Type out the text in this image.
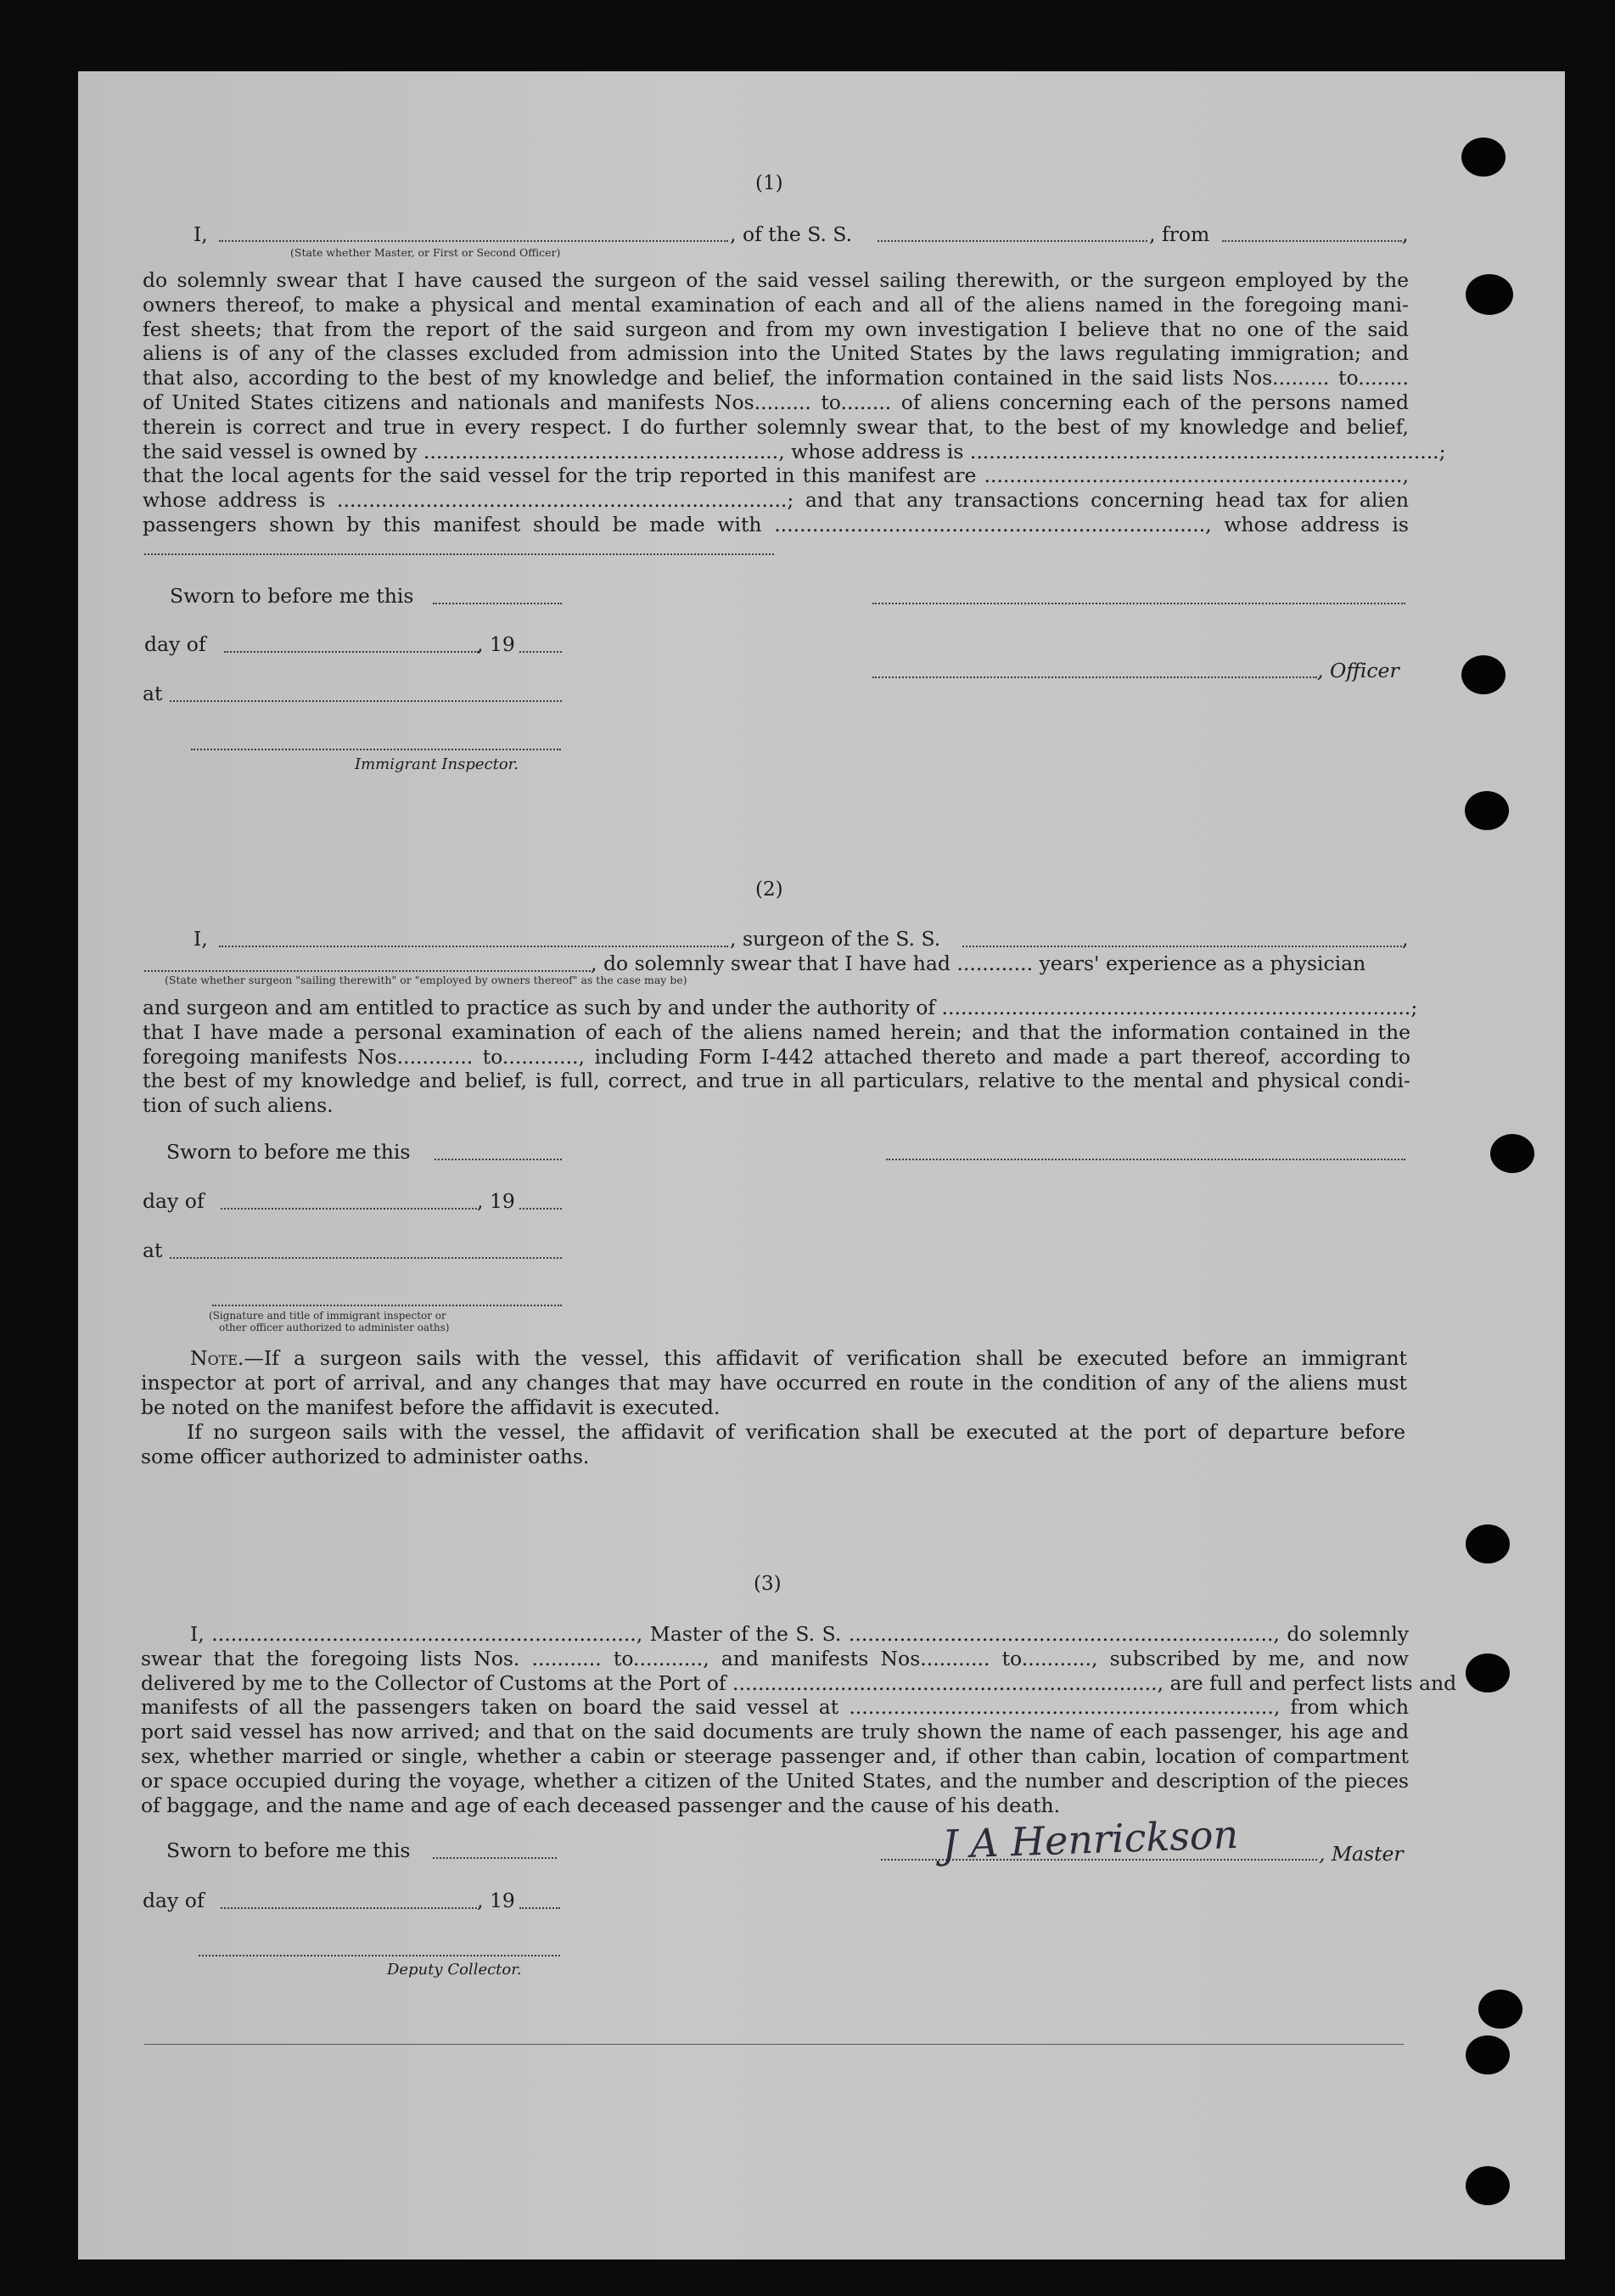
(1)
I,
(State whether Master, or First or Second Officer)
, of the S. S.	, from	,
do solemnly swear that I have caused the surgeon of the said vessel sailing therewith, or the surgeon employed by the
owners thereof, to make a physical and mental examination of each and all of the aliens named in the foregoing mani-
fest sheets; that from the report of the said surgeon and from my own investigation I believe that no one of the said
aliens is of any of the classes excluded from admission into the United States by the laws regulating immigration; and
that also, according to the best of my knowledge and belief, the information contained in the said lists Nos......... to........
of United States citizens and nationals and manifests Nos......... to........ of aliens concerning each of the persons named
therein is correct and true in every respect. I do further solemnly swear that, to the best of my knowledge and belief,
the said vessel is owned by ........................................................, whose address is ..........................................................................;
that the local agents for the said vessel for the trip reported in this manifest are ..................................................................,
whose address is .......................................................................; and that any transactions concerning head tax for alien
passengers shown by this manifest should be made with ...................................................................., whose address is
Sworn to before me this
day of	, 19
at
, Officer
Immigrant Inspector.
(2)
I,	, surgeon of the S. S.	,
, do solemnly swear that I have had ............ years' experience as a physician
(State whether surgeon "sailing therewith" or "employed by owners thereof" as the case may be)
and surgeon and am entitled to practice as such by and under the authority of ..........................................................................;
that I have made a personal examination of each of the aliens named herein; and that the information contained in the
foregoing manifests Nos............ to............, including Form I-442 attached thereto and made a part thereof, according to
the best of my knowledge and belief, is full, correct, and true in all particulars, relative to the mental and physical condi-
tion of such aliens.
Sworn to before me this
day of	, 19
at
(Signature and title of immigrant inspector or
other officer authorized to administer oaths)
Note.—If a surgeon sails with the vessel, this affidavit of verification shall be executed before an immigrant
inspector at port of arrival, and any changes that may have occurred en route in the condition of any of the aliens must
be noted on the manifest before the affidavit is executed.
If no surgeon sails with the vessel, the affidavit of verification shall be executed at the port of departure before
some officer authorized to administer oaths.
(3)
I, ..................................................................., Master of the S. S. ..................................................................., do solemnly
swear that the foregoing lists Nos. ........... to..........., and manifests Nos........... to..........., subscribed by me, and now
delivered by me to the Collector of Customs at the Port of ..................................................................., are full and perfect lists and
manifests of all the passengers taken on board the said vessel at ..................................................................., from which
port said vessel has now arrived; and that on the said documents are truly shown the name of each passenger, his age and
sex, whether married or single, whether a cabin or steerage passenger and, if other than cabin, location of compartment
or space occupied during the voyage, whether a citizen of the United States, and the number and description of the pieces
of baggage, and the name and age of each deceased passenger and the cause of his death.
Sworn to before me this	J A Henrickson	, Master
day of	, 19
Deputy Collector.
